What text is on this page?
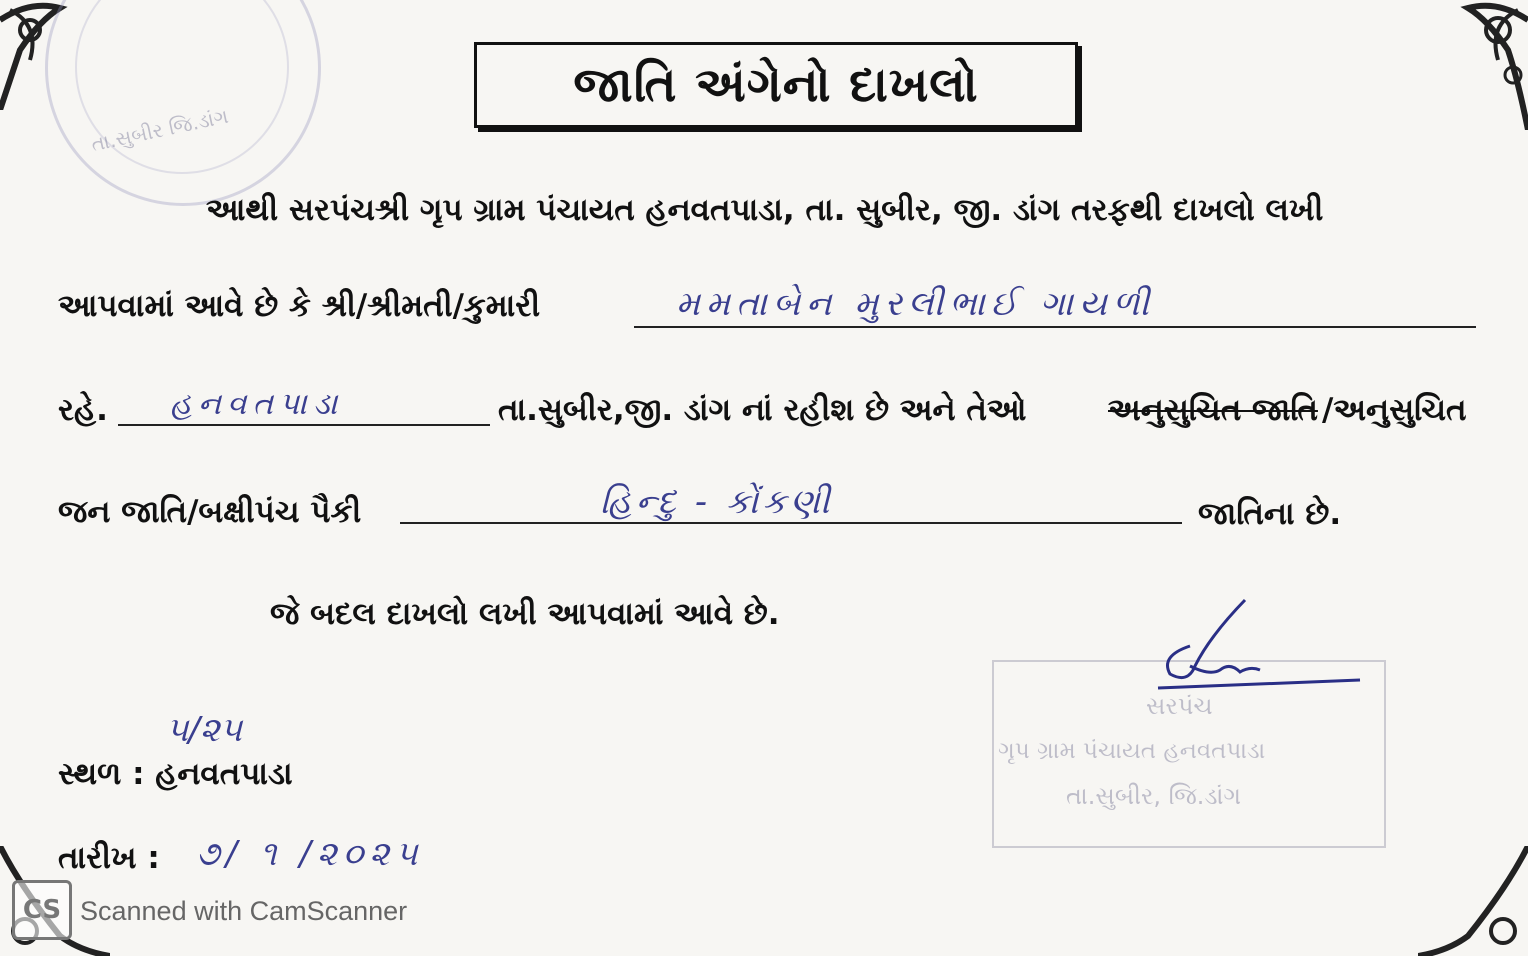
તા.સુબીર જિ.ડાંગ
જાતિ અંગેનો દાખલો
આથી સરપંચશ્રી ગૃપ ગ્રામ પંચાયત હનવતપાડા, તા. સુબીર, જી. ડાંગ તરફથી દાખલો લખી
આપવામાં આવે છે કે શ્રી/શ્રીમતી/કુમારી	મમતાબેન મુરલીભાઈ ગાયળી
રહે. હનવતપાડા	તા.સુબીર,જી. ડાંગ નાં રહીશ છે અને તેઓ	અનુસુચિત જાતિ /અનુસુચિત
જન જાતિ/બક્ષીપંચ પૈકી	હિન્દુ - કોંકણી	જાતિના છે.
જે બદલ દાખલો લખી આપવામાં આવે છે.
સરપંચ
ગૃપ ગ્રામ પંચાયત હનવતપાડા
તા.સુબીર, જિ.ડાંગ
૫/૨૫
સ્થળ : હનવતપાડા
તારીખ : ૭/ ૧ /૨૦૨૫
CS Scanned with CamScanner
